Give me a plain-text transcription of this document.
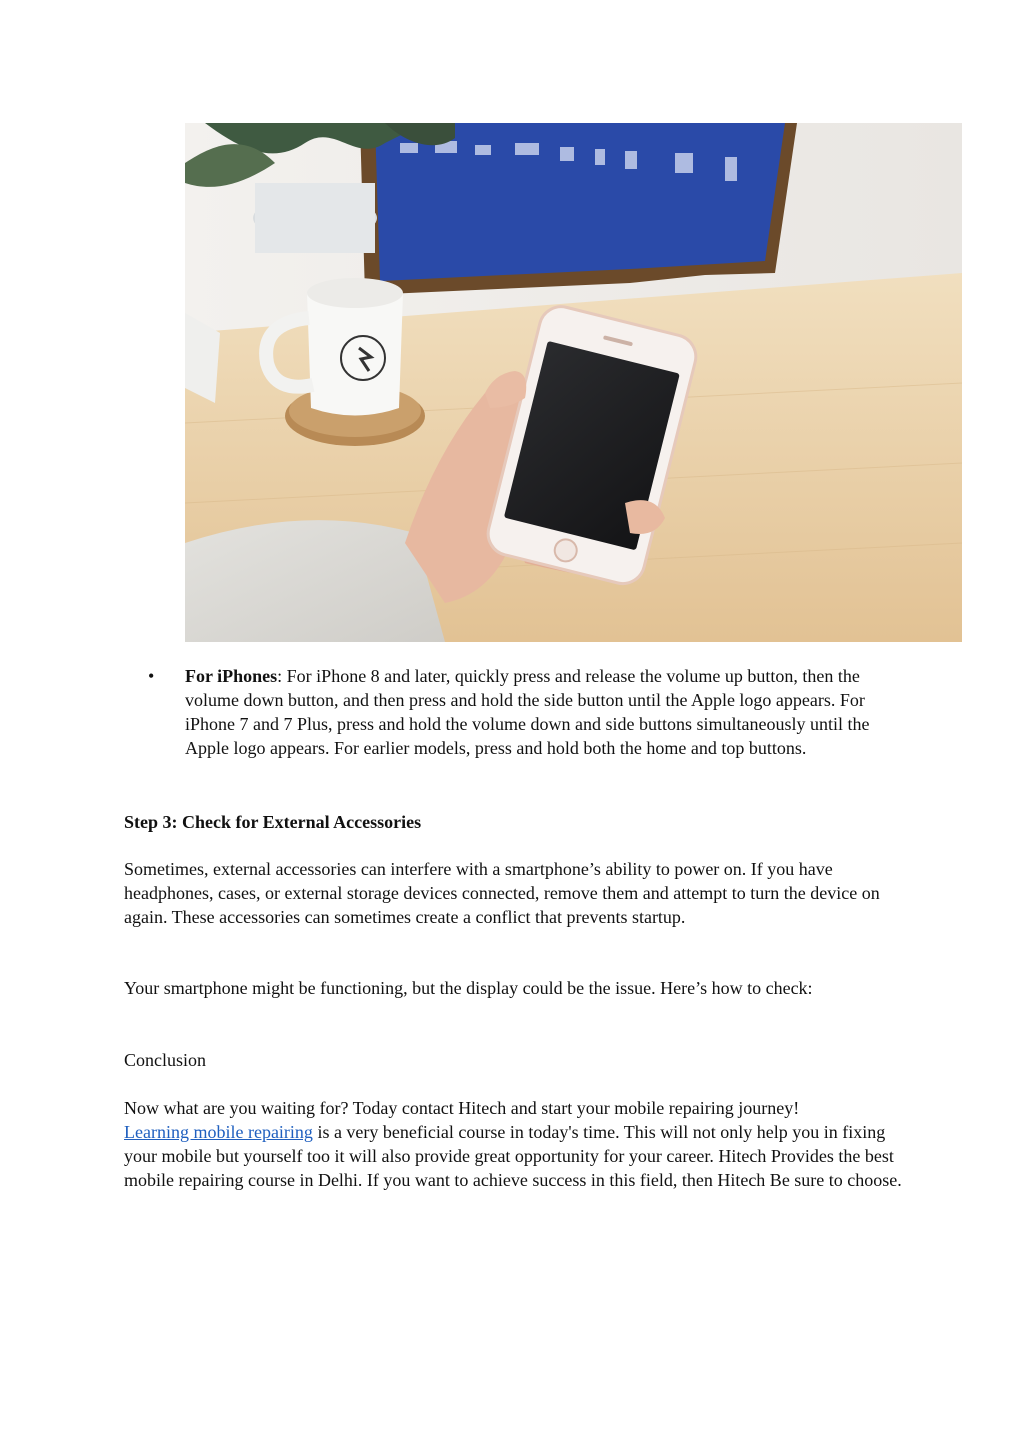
• For iPhones: For iPhone 8 and later, quickly press and release the volume up button, then the volume down button, and then press and hold the side button until the Apple logo appears. For iPhone 7 and 7 Plus, press and hold the volume down and side buttons simultaneously until the Apple logo appears. For earlier models, press and hold both the home and top buttons.

Step 3: Check for External Accessories

Sometimes, external accessories can interfere with a smartphone’s ability to power on. If you have headphones, cases, or external storage devices connected, remove them and attempt to turn the device on again. These accessories can sometimes create a conflict that prevents startup.

Your smartphone might be functioning, but the display could be the issue. Here’s how to check:

Conclusion

Now what are you waiting for? Today contact Hitech and start your mobile repairing journey!
Learning mobile repairing is a very beneficial course in today's time. This will not only help you in fixing your mobile but yourself too it will also provide great opportunity for your career. Hitech Provides the best mobile repairing course in Delhi. If you want to achieve success in this field, then Hitech Be sure to choose.
